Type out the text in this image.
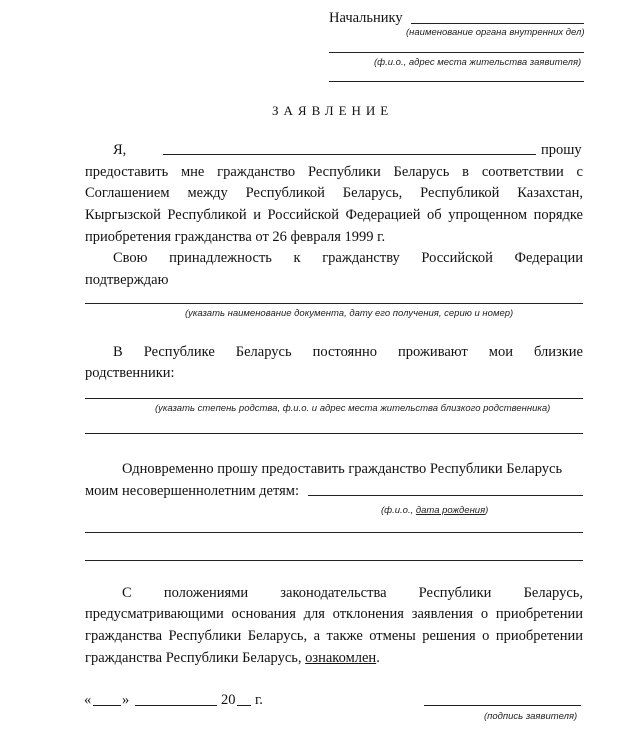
Начальнику
(наименование органа внутренних дел)
(ф.и.о., адрес места жительства заявителя)
ЗАЯВЛЕНИЕ
Я,	прошу
предоставить мне гражданство Республики Беларусь в соответствии с
Соглашением между Республикой Беларусь, Республикой Казахстан,
Кыргызской Республикой и Российской Федерацией об упрощенном порядке
приобретения гражданства от 26 февраля 1999 г.
Свою принадлежность к гражданству Российской Федерации
подтверждаю
(указать наименование документа, дату его получения, серию и номер)
В Республике Беларусь постоянно проживают мои близкие
родственники:
(указать степень родства, ф.и.о. и адрес места жительства близкого родственника)
Одновременно прошу предоставить гражданство Республики Беларусь
моим несовершеннолетним детям:
(ф.и.о., дата рождения)
С положениями законодательства Республики Беларусь,
предусматривающими основания для отклонения заявления о приобретении
гражданства Республики Беларусь, а также отмены решения о приобретении
гражданства Республики Беларусь, ознакомлен.
« »	20 г.
(подпись заявителя)
